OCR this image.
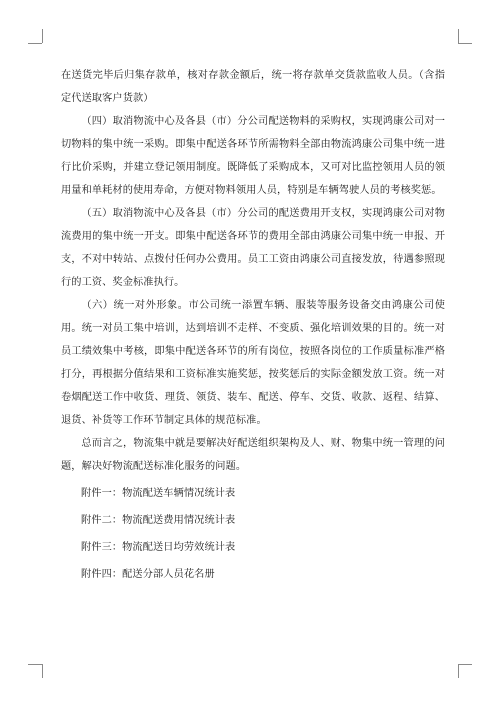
在送货完毕后归集存款单，核对存款金额后，统一将存款单交货款监收人员。（含指定代送取客户货款）

（四）取消物流中心及各县（市）分公司配送物料的采购权，实现鸿康公司对一切物料的集中统一采购。即集中配送各环节所需物料全部由物流鸿康公司集中统一进行比价采购，并建立登记领用制度。既降低了采购成本，又可对比监控领用人员的领用量和单耗材的使用寿命，方便对物料领用人员，特别是车辆驾驶人员的考核奖惩。

（五）取消物流中心及各县（市）分公司的配送费用开支权，实现鸿康公司对物流费用的集中统一开支。即集中配送各环节的费用全部由鸿康公司集中统一申报、开支，不对中转站、点拨付任何办公费用。员工工资由鸿康公司直接发放，待遇参照现行的工资、奖金标准执行。

（六）统一对外形象。市公司统一添置车辆、服装等服务设备交由鸿康公司使用。统一对员工集中培训，达到培训不走样、不变质、强化培训效果的目的。统一对员工绩效集中考核，即集中配送各环节的所有岗位，按照各岗位的工作质量标准严格打分，再根据分值结果和工资标准实施奖惩，按奖惩后的实际金额发放工资。统一对卷烟配送工作中收货、理货、领货、装车、配送、停车、交货、收款、返程、结算、退货、补货等工作环节制定具体的规范标准。

总而言之，物流集中就是要解决好配送组织架构及人、财、物集中统一管理的问题，解决好物流配送标准化服务的问题。

附件一：物流配送车辆情况统计表

附件二：物流配送费用情况统计表

附件三：物流配送日均劳效统计表

附件四：配送分部人员花名册
